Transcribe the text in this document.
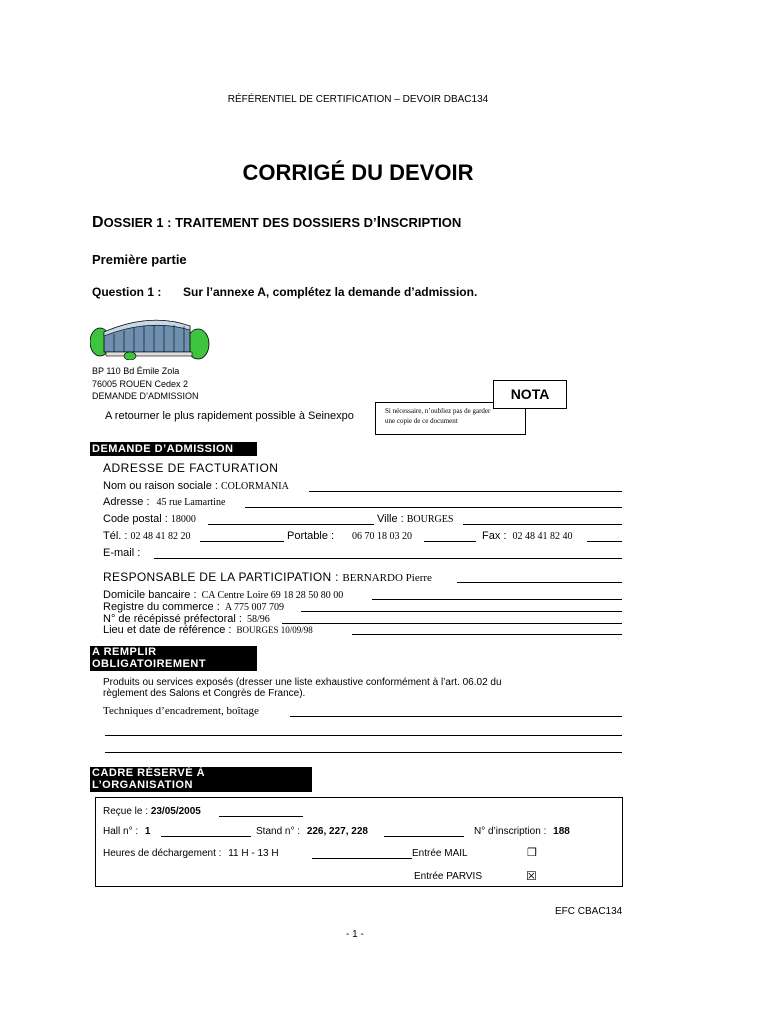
RÉFÉRENTIEL DE CERTIFICATION – DEVOIR DBAC134
CORRIGÉ DU DEVOIR
DOSSIER 1 : TRAITEMENT DES DOSSIERS D’INSCRIPTION
Première partie
Question 1 : Sur l’annexe A, complétez la demande d’admission.
BP 110 Bd Émile Zola
76005 ROUEN Cedex 2
DEMANDE D’ADMISSION
A retourner le plus rapidement possible à Seinexpo	Si nécessaire, n’oubliez pas de garder
une copie de ce document
NOTA
DEMANDE D’ADMISSION
ADRESSE DE FACTURATION
Nom ou raison sociale : COLORMANIA
Adresse : 45 rue Lamartine
Code postal : 18000	Ville : BOURGES
Tél. : 02 48 41 82 20	Portable : 06 70 18 03 20	Fax : 02 48 41 82 40
E-mail :
RESPONSABLE DE LA PARTICIPATION : BERNARDO Pierre
Domicile bancaire : CA Centre Loire 69 18 28 50 80 00
Registre du commerce : A 775 007 709
N° de récépissé préfectoral : 58/96
Lieu et date de référence : BOURGES 10/09/98
A REMPLIR
OBLIGATOIREMENT
Produits ou services exposés (dresser une liste exhaustive conformément à l’art. 06.02 du
règlement des Salons et Congrès de France).
Techniques d’encadrement, boîtage
CADRE RÉSERVÉ À
L’ORGANISATION
Reçue le : 23/05/2005
Hall n° : 1	Stand n° : 226, 227, 228	N° d’inscription : 188
Heures de déchargement : 11 H - 13 H	Entrée MAIL	❒
Entrée PARVIS	☒
EFC CBAC134
- 1 -
